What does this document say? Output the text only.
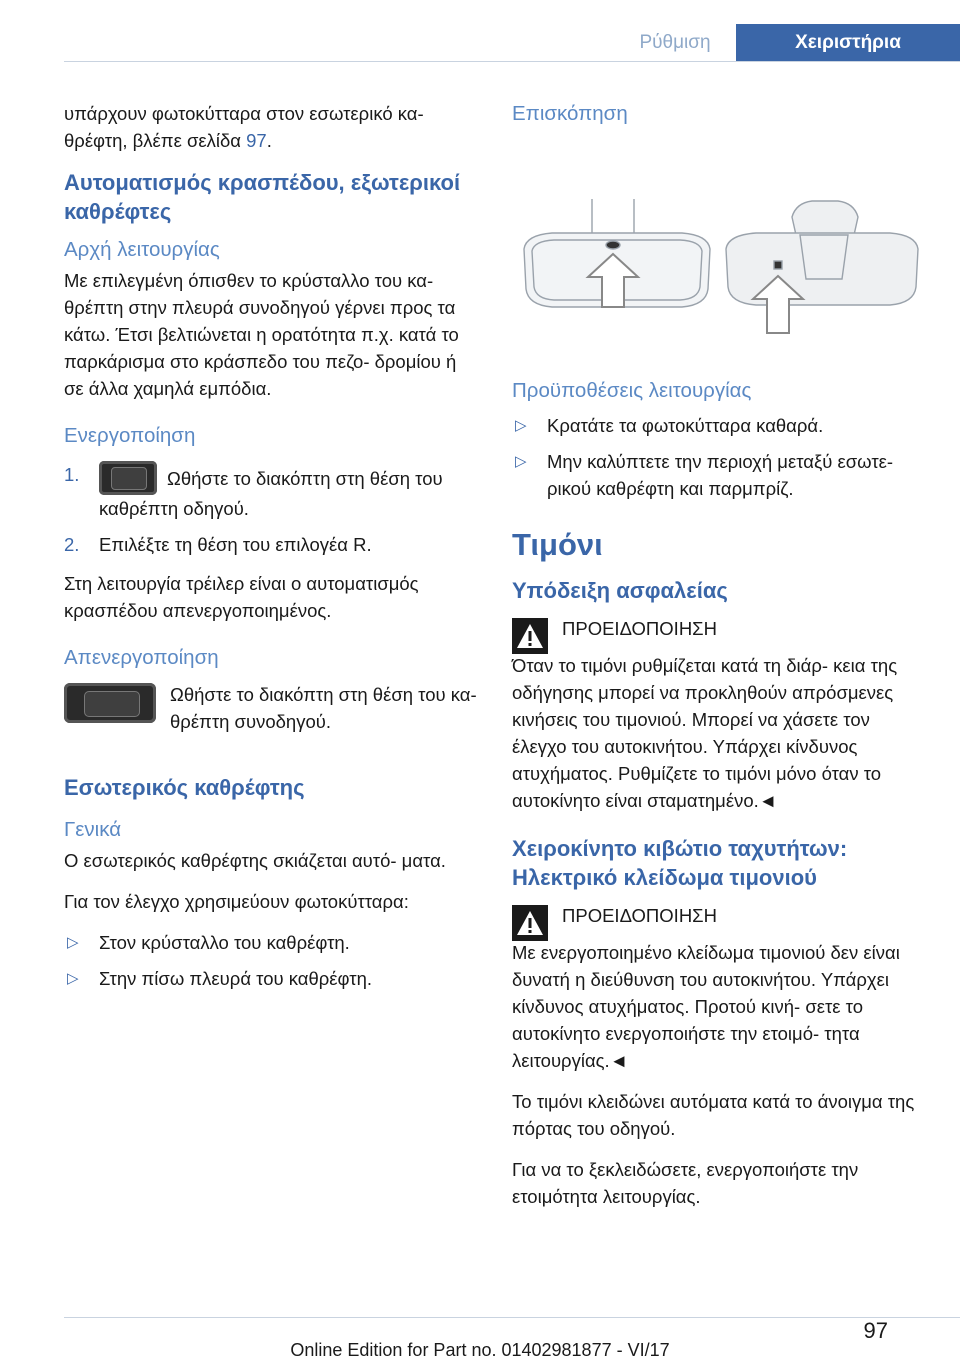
Ρύθμιση	Χειριστήρια

υπάρχουν φωτοκύτταρα στον εσωτερικό κα‐ θρέφτη, βλέπε σελίδα 97.

Αυτοματισμός κρασπέδου, εξωτερικοί καθρέφτες
Αρχή λειτουργίας

Με επιλεγμένη όπισθεν το κρύσταλλο του κα‐ θρέπτη στην πλευρά συνοδηγού γέρνει προς τα κάτω. Έτσι βελτιώνεται η ορατότητα π.χ. κατά το παρκάρισμα στο κράσπεδο του πεζο‐ δρομίου ή σε άλλα χαμηλά εμπόδια.

Ενεργοποίηση
1.	Ωθήστε το διακόπτη στη θέση του καθρέπτη οδηγού.
2. Επιλέξτε τη θέση του επιλογέα R.

Στη λειτουργία τρέιλερ είναι ο αυτοματισμός κρασπέδου απενεργοποιημένος.

Απενεργοποίηση

Ωθήστε το διακόπτη στη θέση του κα‐ θρέπτη συνοδηγού.

Εσωτερικός καθρέφτης
Γενικά

Ο εσωτερικός καθρέφτης σκιάζεται αυτό‐ ματα.

Για τον έλεγχο χρησιμεύουν φωτοκύτταρα:

▷ Στον κρύσταλλο του καθρέφτη.
▷ Στην πίσω πλευρά του καθρέφτη.
Επισκόπηση
Προϋποθέσεις λειτουργίας
▷ Κρατάτε τα φωτοκύτταρα καθαρά.
▷ Μην καλύπτετε την περιοχή μεταξύ εσωτε‐ ρικού καθρέφτη και παρμπρίζ.
Τιμόνι
Υπόδειξη ασφαλείας

ΠΡΟΕΙΔΟΠΟΙΗΣΗ

Όταν το τιμόνι ρυθμίζεται κατά τη διάρ‐ κεια της οδήγησης μπορεί να προκληθούν απρόσμενες κινήσεις του τιμονιού. Μπορεί να χάσετε τον έλεγχο του αυτοκινήτου. Υπάρχει κίνδυνος ατυχήματος. Ρυθμίζετε το τιμόνι μόνο όταν το αυτοκίνητο είναι σταματημένο.◄

Χειροκίνητο κιβώτιο ταχυτήτων: Ηλεκτρικό κλείδωμα τιμονιού

ΠΡΟΕΙΔΟΠΟΙΗΣΗ

Με ενεργοποιημένο κλείδωμα τιμονιού δεν είναι δυνατή η διεύθυνση του αυτοκινήτου. Υπάρχει κίνδυνος ατυχήματος. Προτού κινή‐ σετε το αυτοκίνητο ενεργοποιήστε την ετοιμό‐ τητα λειτουργίας.◄

Το τιμόνι κλειδώνει αυτόματα κατά το άνοιγμα της πόρτας του οδηγού.

Για να το ξεκλειδώσετε, ενεργοποιήστε την ετοιμότητα λειτουργίας.

97
Online Edition for Part no. 01402981877 - VI/17
